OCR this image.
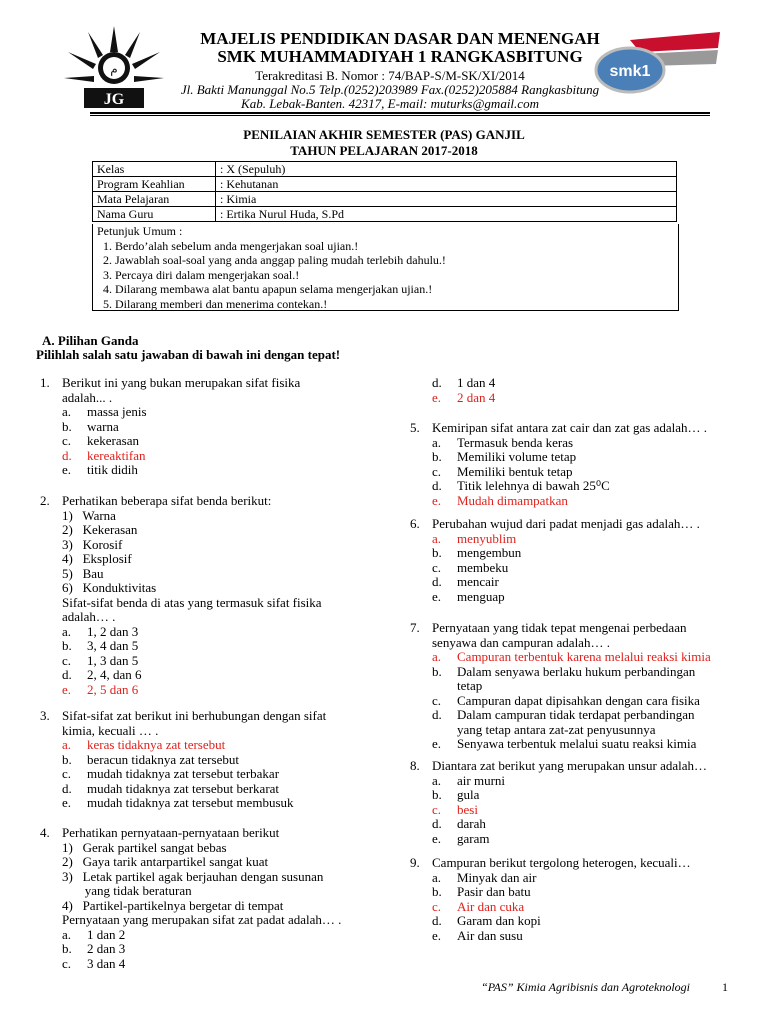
م
JG
MAJELIS PENDIDIKAN DASAR DAN MENENGAH
SMK MUHAMMADIYAH 1 RANGKASBITUNG
Terakreditasi B. Nomor : 74/BAP-S/M-SK/XI/2014
Jl. Bakti Manunggal No.5 Telp.(0252)203989 Fax.(0252)205884 Rangkasbitung
Kab. Lebak-Banten. 42317, E-mail: muturks@gmail.com
smk1
PENILAIAN AKHIR SEMESTER (PAS) GANJIL
TAHUN PELAJARAN 2017-2018
Kelas	: X (Sepuluh)
Program Keahlian	: Kehutanan
Mata Pelajaran	: Kimia
Nama Guru	: Ertika Nurul Huda, S.Pd
Petunjuk Umum :
1. Berdo’alah sebelum anda mengerjakan soal ujian.!
2. Jawablah soal-soal yang anda anggap paling mudah terlebih dahulu.!
3. Percaya diri dalam mengerjakan soal.!
4. Dilarang membawa alat bantu apapun selama mengerjakan ujian.!
5. Dilarang memberi dan menerima contekan.!
A. Pilihan Ganda
Pilihlah salah satu jawaban di bawah ini dengan tepat!
1. Berikut ini yang bukan merupakan sifat fisika
adalah... .
a.	massa jenis
b.	warna
c.	kekerasan
d.	kereaktifan
e.	titik didih
2. Perhatikan beberapa sifat benda berikut:
1)   Warna
2)   Kekerasan
3)   Korosif
4)   Eksplosif
5)   Bau
6)   Konduktivitas
Sifat-sifat benda di atas yang termasuk sifat fisika
adalah… .
a.	1, 2 dan 3
b.	3, 4 dan 5
c.	1, 3 dan 5
d.	2, 4, dan 6
e.	2, 5 dan 6
3. Sifat-sifat zat berikut ini berhubungan dengan sifat
kimia, kecuali … .
a.	keras tidaknya zat tersebut
b.	beracun tidaknya zat tersebut
c.	mudah tidaknya zat tersebut terbakar
d.	mudah tidaknya zat tersebut berkarat
e.	mudah tidaknya zat tersebut membusuk
4. Perhatikan pernyataan-pernyataan berikut
1)   Gerak partikel sangat bebas
2)   Gaya tarik antarpartikel sangat kuat
3)   Letak partikel agak berjauhan dengan susunan
yang tidak beraturan
4)   Partikel-partikelnya bergetar di tempat
Pernyataan yang merupakan sifat zat padat adalah… .
a.	1 dan 2
b.	2 dan 3
c.	3 dan 4
5. Kemiripan sifat antara zat cair dan zat gas adalah… .
a.	Termasuk benda keras
b.	Memiliki volume tetap
c.	Memiliki bentuk tetap
d.	Titik lelehnya di bawah 25⁰C
e.	Mudah dimampatkan
6. Perubahan wujud dari padat menjadi gas adalah… .
a.	menyublim
b.	mengembun
c.	membeku
d.	mencair
e.	menguap
7. Pernyataan yang tidak tepat mengenai perbedaan
senyawa dan campuran adalah… .
a.	Campuran terbentuk karena melalui reaksi kimia
b.	Dalam senyawa berlaku hukum perbandingan
tetap
c.	Campuran dapat dipisahkan dengan cara fisika
d.	Dalam campuran tidak terdapat perbandingan
yang tetap antara zat-zat penyusunnya
e.	Senyawa terbentuk melalui suatu reaksi kimia
8. Diantara zat berikut yang merupakan unsur adalah…
a.	air murni
b.	gula
c.	besi
d.	darah
e.	garam
9. Campuran berikut tergolong heterogen, kecuali…
a.	Minyak dan air
b.	Pasir dan batu
c.	Air dan cuka
d.	Garam dan kopi
e.	Air dan susu
“PAS” Kimia Agribisnis dan Agroteknologi	1
d.	1 dan 4
e.	2 dan 4
